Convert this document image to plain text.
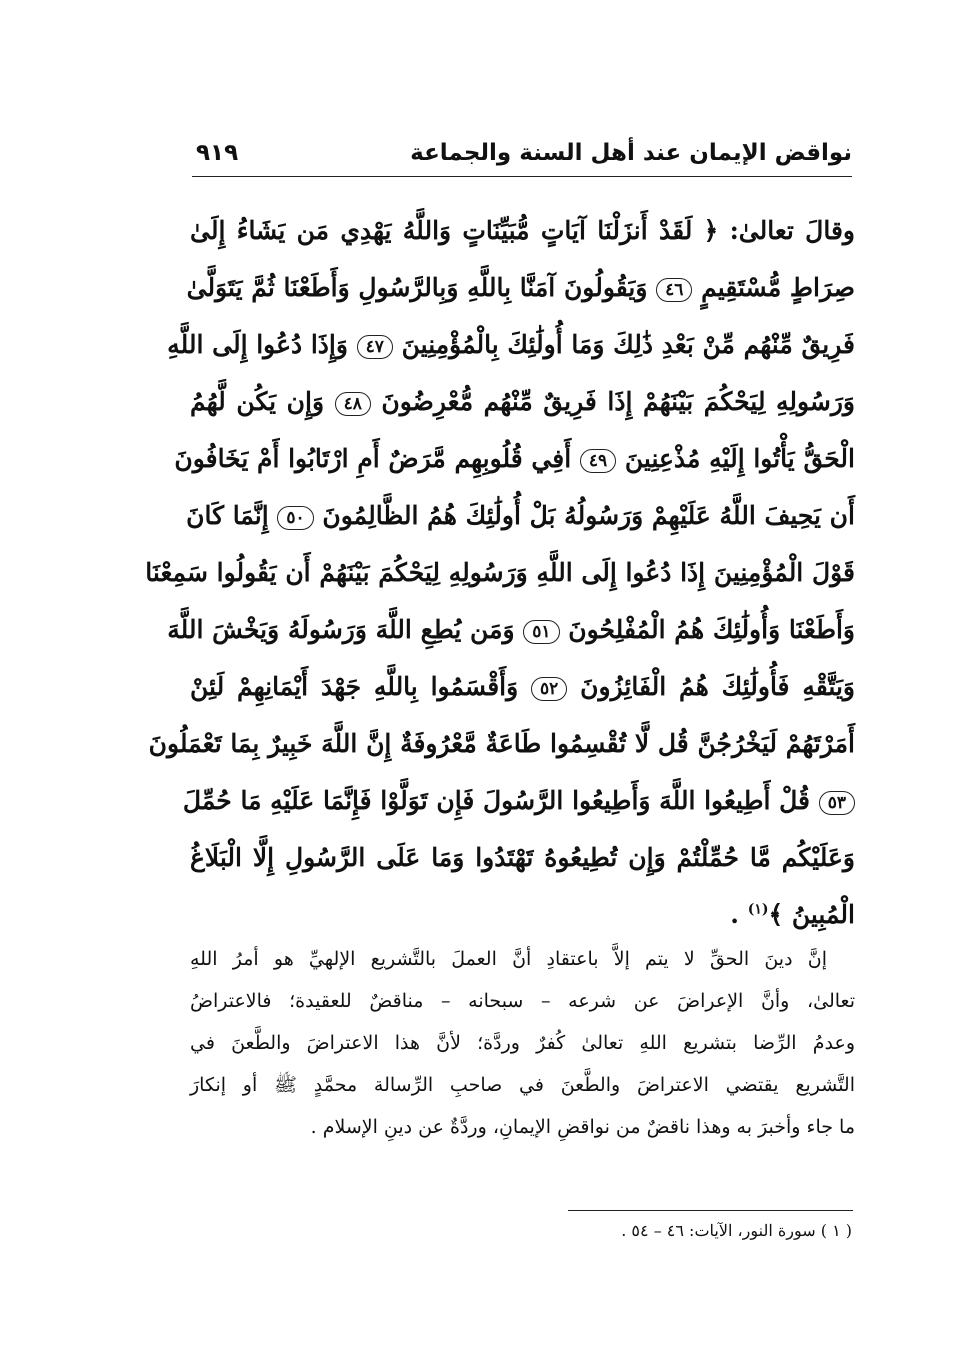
نواقض الإيمان عند أهل السنة والجماعة
٩١٩
وقالَ تعالىٰ: ﴿ لَقَدْ أَنزَلْنَا آيَاتٍ مُّبَيِّنَاتٍ وَاللَّهُ يَهْدِي مَن يَشَاءُ إِلَىٰ
صِرَاطٍ مُّسْتَقِيمٍ ٤٦ وَيَقُولُونَ آمَنَّا بِاللَّهِ وَبِالرَّسُولِ وَأَطَعْنَا ثُمَّ يَتَوَلَّىٰ
فَرِيقٌ مِّنْهُم مِّنْ بَعْدِ ذَٰلِكَ وَمَا أُولَٰئِكَ بِالْمُؤْمِنِينَ ٤٧ وَإِذَا دُعُوا إِلَى اللَّهِ
وَرَسُولِهِ لِيَحْكُمَ بَيْنَهُمْ إِذَا فَرِيقٌ مِّنْهُم مُّعْرِضُونَ ٤٨ وَإِن يَكُن لَّهُمُ
الْحَقُّ يَأْتُوا إِلَيْهِ مُذْعِنِينَ ٤٩ أَفِي قُلُوبِهِم مَّرَضٌ أَمِ ارْتَابُوا أَمْ يَخَافُونَ
أَن يَحِيفَ اللَّهُ عَلَيْهِمْ وَرَسُولُهُ بَلْ أُولَٰئِكَ هُمُ الظَّالِمُونَ ٥٠ إِنَّمَا كَانَ
قَوْلَ الْمُؤْمِنِينَ إِذَا دُعُوا إِلَى اللَّهِ وَرَسُولِهِ لِيَحْكُمَ بَيْنَهُمْ أَن يَقُولُوا سَمِعْنَا
وَأَطَعْنَا وَأُولَٰئِكَ هُمُ الْمُفْلِحُونَ ٥١ وَمَن يُطِعِ اللَّهَ وَرَسُولَهُ وَيَخْشَ اللَّهَ
وَيَتَّقْهِ فَأُولَٰئِكَ هُمُ الْفَائِزُونَ ٥٢ وَأَقْسَمُوا بِاللَّهِ جَهْدَ أَيْمَانِهِمْ لَئِنْ
أَمَرْتَهُمْ لَيَخْرُجُنَّ قُل لَّا تُقْسِمُوا طَاعَةٌ مَّعْرُوفَةٌ إِنَّ اللَّهَ خَبِيرٌ بِمَا تَعْمَلُونَ
٥٣ قُلْ أَطِيعُوا اللَّهَ وَأَطِيعُوا الرَّسُولَ فَإِن تَوَلَّوْا فَإِنَّمَا عَلَيْهِ مَا حُمِّلَ
وَعَلَيْكُم مَّا حُمِّلْتُمْ وَإِن تُطِيعُوهُ تَهْتَدُوا وَمَا عَلَى الرَّسُولِ إِلَّا الْبَلَاغُ
الْمُبِينُ ﴾$^{(١)}$ .
إنَّ دينَ الحقِّ لا يتم إلاَّ باعتقادِ أنَّ العملَ بالتَّشريع الإلهيِّ هو أمرُ اللهِ
تعالىٰ، وأنَّ الإعراضَ عن شرعه – سبحانه – مناقضٌ للعقيدة؛ فالاعتراضُ
وعدمُ الرِّضا بتشريع اللهِ تعالىٰ كُفرٌ وردَّة؛ لأنَّ هذا الاعتراضَ والطَّعنَ في
التَّشريع يقتضي الاعتراضَ والطَّعنَ في صاحبِ الرِّسالة محمَّدٍ ﷺ أو إنكارَ
ما جاء وأخبرَ به وهذا ناقضٌ من نواقضِ الإيمانِ، وردَّةٌ عن دينِ الإسلام .
( ١ ) سورة النور، الآيات: ٤٦ – ٥٤ .
